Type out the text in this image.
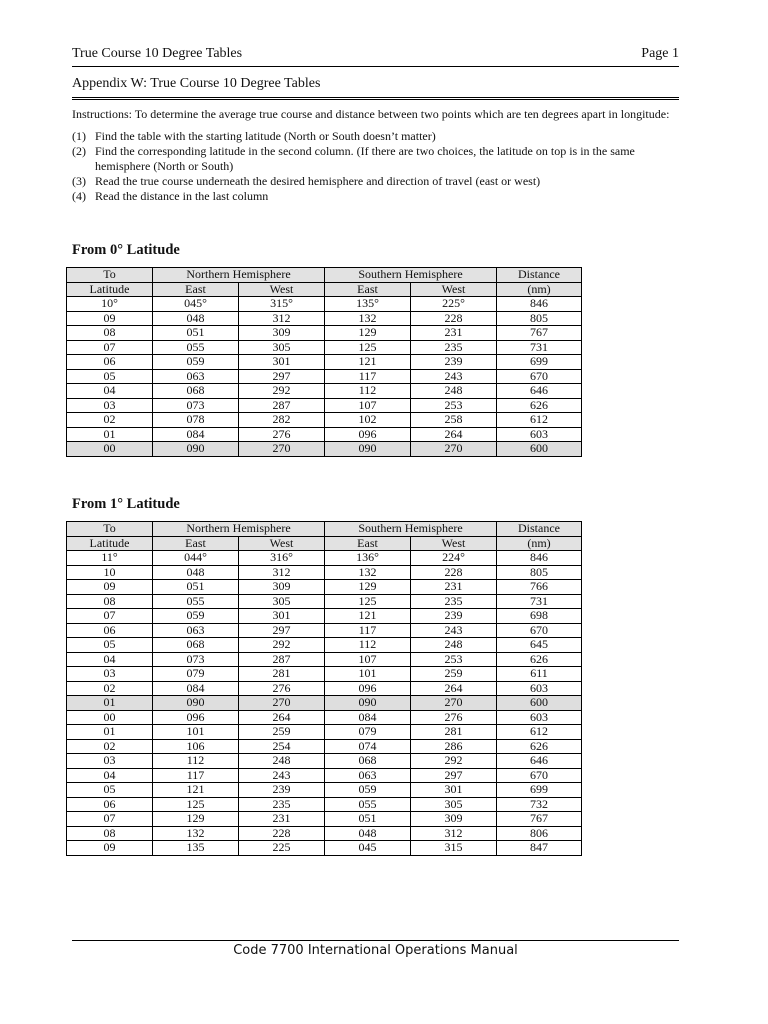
True Course 10 Degree Tables	Page 1
Appendix W: True Course 10 Degree Tables

Instructions: To determine the average true course and distance between two points which are ten degrees apart in longitude:

(1) Find the table with the starting latitude (North or South doesn’t matter)
(2) Find the corresponding latitude in the second column. (If there are two choices, the latitude on top is in the same hemisphere (North or South)
(3) Read the true course underneath the desired hemisphere and direction of travel (east or west)
(4) Read the distance in the last column
From 0° Latitude
To	Northern Hemisphere		Southern Hemisphere		Distance
Latitude	East	West	East	West	(nm)
10°	045°	315°	135°	225°	846
09	048	312	132	228	805
08	051	309	129	231	767
07	055	305	125	235	731
06	059	301	121	239	699
05	063	297	117	243	670
04	068	292	112	248	646
03	073	287	107	253	626
02	078	282	102	258	612
01	084	276	096	264	603
00	090	270	090	270	600
From 1° Latitude
To	Northern Hemisphere		Southern Hemisphere		Distance
Latitude	East	West	East	West	(nm)
11°	044°	316°	136°	224°	846
10	048	312	132	228	805
09	051	309	129	231	766
08	055	305	125	235	731
07	059	301	121	239	698
06	063	297	117	243	670
05	068	292	112	248	645
04	073	287	107	253	626
03	079	281	101	259	611
02	084	276	096	264	603
01	090	270	090	270	600
00	096	264	084	276	603
01	101	259	079	281	612
02	106	254	074	286	626
03	112	248	068	292	646
04	117	243	063	297	670
05	121	239	059	301	699
06	125	235	055	305	732
07	129	231	051	309	767
08	132	228	048	312	806
09	135	225	045	315	847
Code 7700 International Operations Manual
